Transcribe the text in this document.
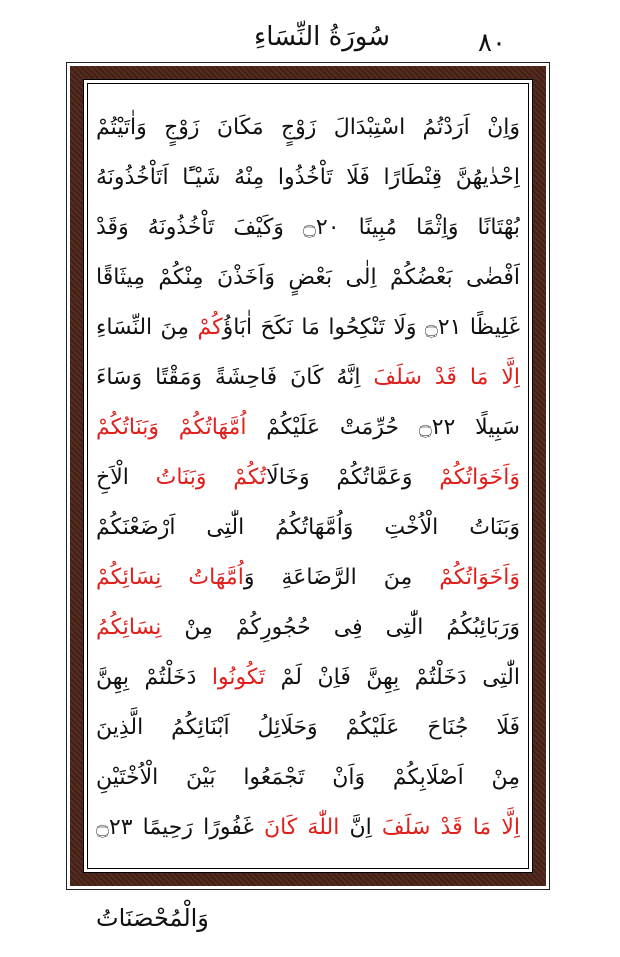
٨٠
سُورَةُ النِّسَاءِ
وَاِنْ اَرَدْتُمُ اسْتِبْدَالَ زَوْجٍ مَكَانَ زَوْجٍ وَاٰتَيْتُمْ
اِحْدٰيهُنَّ قِنْطَارًا فَلَا تَاْخُذُوا مِنْهُ شَيْـًٔا اَتَاْخُذُونَهُ
بُهْتَانًا وَاِثْمًا مُبِينًا ۝٢٠ وَكَيْفَ تَاْخُذُونَهُ وَقَدْ
اَفْضٰى بَعْضُكُمْ اِلٰى بَعْضٍ وَاَخَذْنَ مِنْكُمْ مِيثَاقًا
غَلِيظًا ۝٢١ وَلَا تَنْكِحُوا مَا نَكَحَ اٰبَاؤُكُمْ مِنَ النِّسَاءِ
اِلَّا مَا قَدْ سَلَفَ اِنَّهُ كَانَ فَاحِشَةً وَمَقْتًا وَسَاءَ
سَبِيلًا ۝٢٢ حُرِّمَتْ عَلَيْكُمْ اُمَّهَاتُكُمْ وَبَنَاتُكُمْ
وَاَخَوَاتُكُمْ وَعَمَّاتُكُمْ وَخَالَاتُكُمْ وَبَنَاتُ الْاَخِ
وَبَنَاتُ الْاُخْتِ وَاُمَّهَاتُكُمُ الّٰتِى اَرْضَعْنَكُمْ
وَاَخَوَاتُكُمْ مِنَ الرَّضَاعَةِ وَاُمَّهَاتُ نِسَائِكُمْ
وَرَبَائِبُكُمُ الّٰتِى فِى حُجُورِكُمْ مِنْ نِسَائِكُمُ
الّٰتِى دَخَلْتُمْ بِهِنَّ فَاِنْ لَمْ تَكُونُوا دَخَلْتُمْ بِهِنَّ
فَلَا جُنَاحَ عَلَيْكُمْ وَحَلَائِلُ اَبْنَائِكُمُ الَّذِينَ
مِنْ اَصْلَابِكُمْ وَاَنْ تَجْمَعُوا بَيْنَ الْاُخْتَيْنِ
اِلَّا مَا قَدْ سَلَفَ اِنَّ اللّٰهَ كَانَ غَفُورًا رَحِيمًا ۝٢٣
وَالْمُحْصَنَاتُ
